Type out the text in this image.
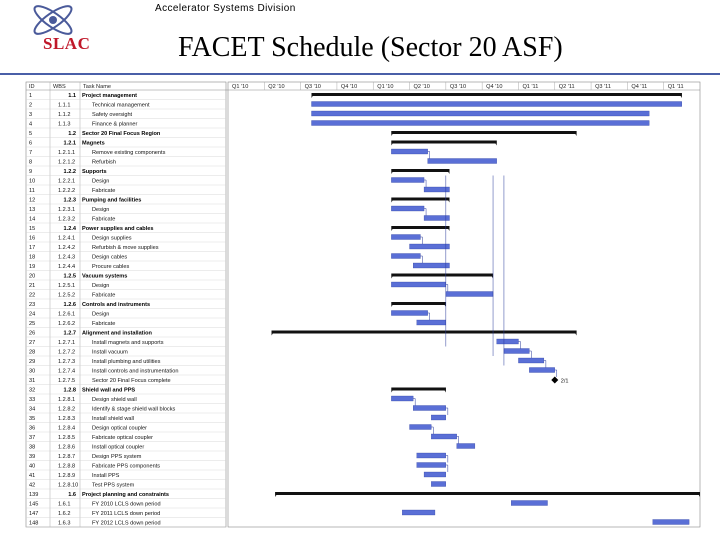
SLAC
Accelerator Systems Division
FACET Schedule (Sector 20 ASF)
Q1 '10	Q2 '10	Q3 '10	Q4 '10	Q1 '10	Q2 '10	Q3 '10	Q4 '10	Q1 '11	Q2 '11	Q3 '11	Q4 '11	Q1 '11
ID	WBS	Task Name
1	1.1 Project management
2	1.1.1	Technical management
3	1.1.2	Safety oversight
4	1.1.3	Finance & planner
5	1.2 Sector 20 Final Focus Region
6	1.2.1 Magnets
7	1.2.1.1	Remove existing components
8	1.2.1.2	Refurbish
9	1.2.2 Supports
10	1.2.2.1	Design
11	1.2.2.2	Fabricate
12	1.2.3 Pumping and facilities
13	1.2.3.1	Design
14	1.2.3.2	Fabricate
15	1.2.4 Power supplies and cables
16	1.2.4.1	Design supplies
17	1.2.4.2	Refurbish & move supplies
18	1.2.4.3	Design cables
19	1.2.4.4	Procure cables
20	1.2.5 Vacuum systems
21	1.2.5.1	Design
22	1.2.5.2	Fabricate
23	1.2.6 Controls and instruments
24	1.2.6.1	Design
25	1.2.6.2	Fabricate
26	1.2.7 Alignment and installation
27	1.2.7.1	Install magnets and supports
28	1.2.7.2	Install vacuum
29	1.2.7.3	Install plumbing and utilities
30	1.2.7.4	Install controls and instrumentation
31	1.2.7.5	Sector 20 Final Focus complete
32	1.2.8 Shield wall and PPS
33	1.2.8.1	Design shield wall
34	1.2.8.2	Identify & stage shield wall blocks
35	1.2.8.3	Install shield wall
36	1.2.8.4	Design optical coupler
37	1.2.8.5	Fabricate optical coupler
38	1.2.8.6	Install optical coupler
39	1.2.8.7	Design PPS system
40	1.2.8.8	Fabricate PPS components
41	1.2.8.9	Install PPS
42	1.2.8.10 Test PPS system
139	1.6 Project planning and constraints
145	1.6.1	FY 2010 LCLS down period
147	1.6.2	FY 2011 LCLS down period
148	1.6.3	FY 2012 LCLS down period
2/1
